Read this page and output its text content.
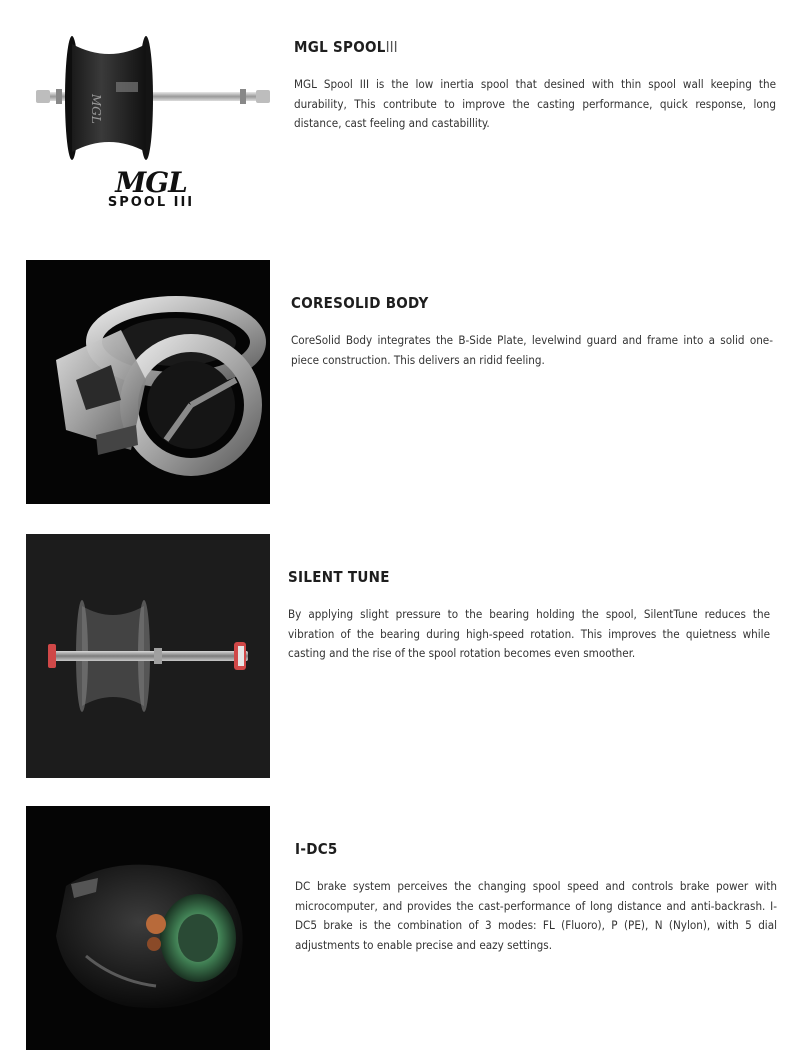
MGL
MGL
SPOOL III
MGL SPOOLIII

MGL Spool III is the low inertia spool that desined with thin spool wall keeping the durability, This contribute to improve the casting performance, quick response, long distance, cast feeling and castabillity.

CORESOLID BODY

CoreSolid Body integrates the B-Side Plate, levelwind guard and frame into a solid one-piece construction. This delivers an ridid feeling.

SILENT TUNE

By applying slight pressure to the bearing holding the spool, SilentTune reduces the vibration of the bearing during high-speed rotation. This improves the quietness while casting and the rise of the spool rotation becomes even smoother.

I-DC5

DC brake system perceives the changing spool speed and controls brake power with microcomputer, and provides the cast-performance of long distance and anti-backrash. I-DC5 brake is the combination of 3 modes: FL (Fluoro), P (PE), N (Nylon), with 5 dial adjustments to enable precise and eazy settings.
